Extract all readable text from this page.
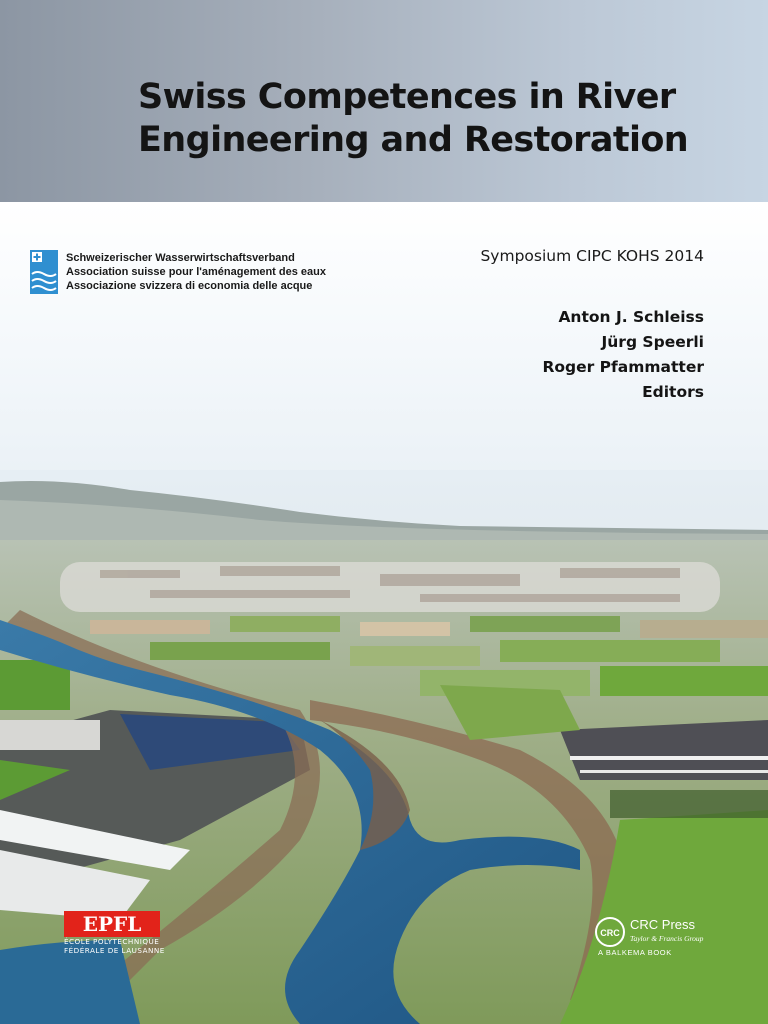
Swiss Competences in River
Engineering and Restoration
Schweizerischer Wasserwirtschaftsverband
Association suisse pour l'aménagement des eaux
Associazione svizzera di economia delle acque
Symposium CIPC KOHS 2014
Anton J. Schleiss
Jürg Speerli
Roger Pfammatter
Editors
EPFL
ÉCOLE POLYTECHNIQUE
FÉDÉRALE DE LAUSANNE
CRC
CRC Press
Taylor & Francis Group
A BALKEMA BOOK
